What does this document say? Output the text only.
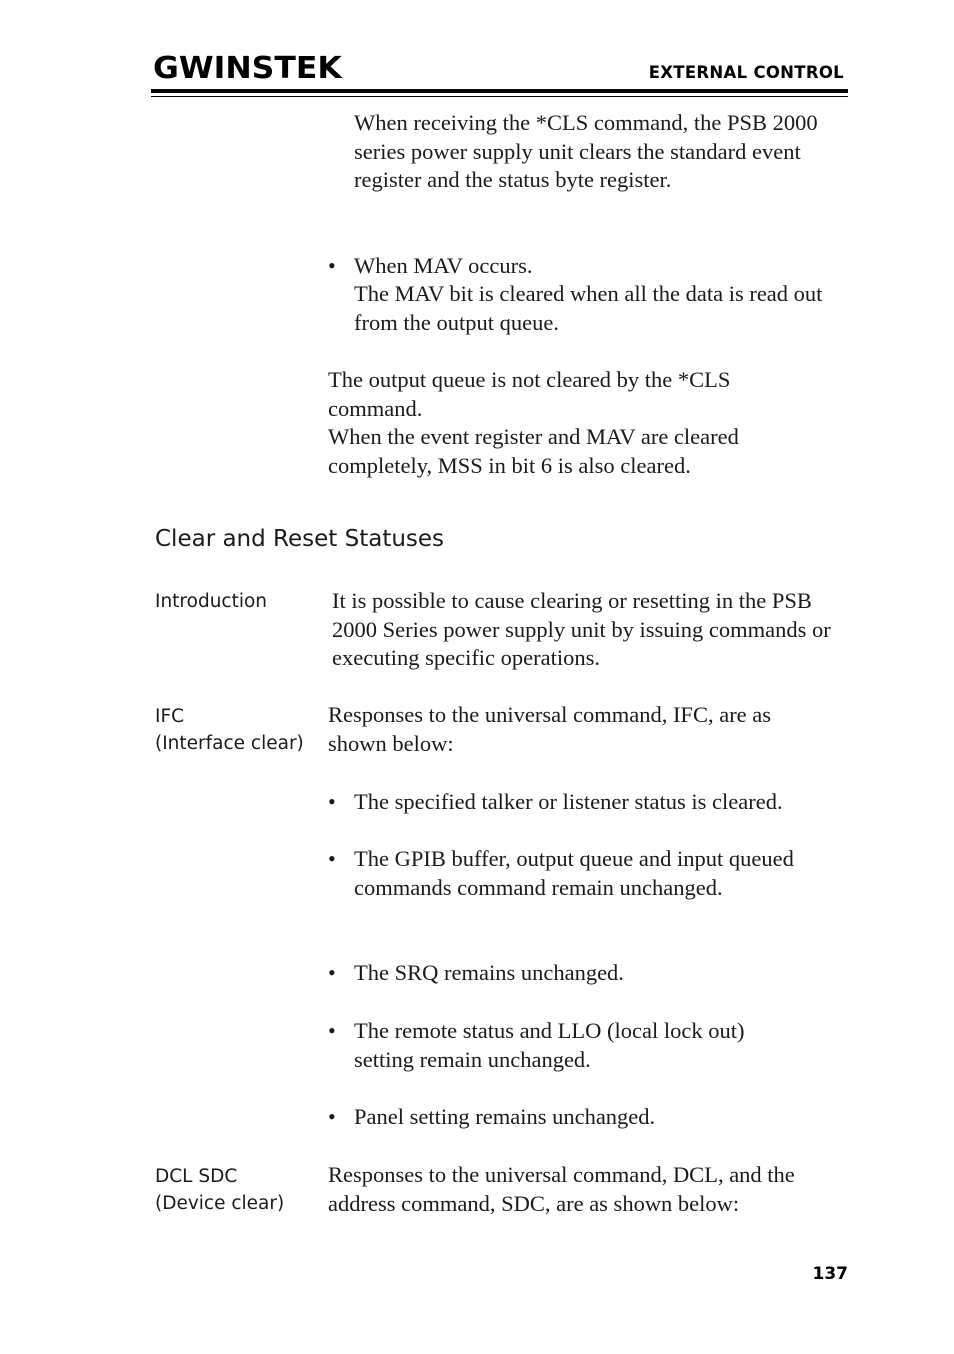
GWINSTEK	EXTERNAL CONTROL
When receiving the *CLS command, the PSB 2000 series power supply unit clears the standard event register and the status byte register.
• When MAV occurs.
The MAV bit is cleared when all the data is read out from the output queue.
The output queue is not cleared by the *CLS command.
When the event register and MAV are cleared completely, MSS in bit 6 is also cleared.
Clear and Reset Statuses
Introduction	It is possible to cause clearing or resetting in the PSB 2000 Series power supply unit by issuing commands or executing specific operations.
IFC
(Interface clear)
Responses to the universal command, IFC, are as shown below:
• The specified talker or listener status is cleared.
• The GPIB buffer, output queue and input queued commands command remain unchanged.
• The SRQ remains unchanged.
• The remote status and LLO (local lock out) setting remain unchanged.
• Panel setting remains unchanged.
DCL SDC
(Device clear)
Responses to the universal command, DCL, and the address command, SDC, are as shown below:
137
